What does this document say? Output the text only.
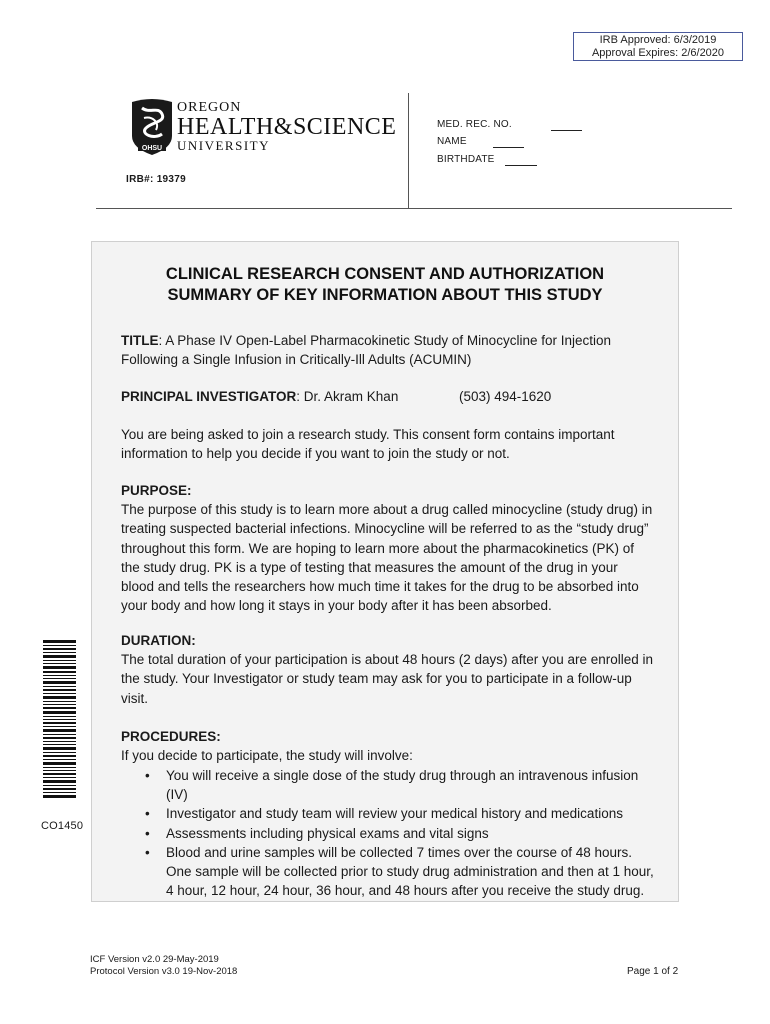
IRB Approved: 6/3/2019
Approval Expires: 2/6/2020
OHSU
OREGON
HEALTH&SCIENCE
UNIVERSITY
IRB#: 19379
MED. REC. NO.
NAME
BIRTHDATE
CLINICAL RESEARCH CONSENT AND AUTHORIZATION
SUMMARY OF KEY INFORMATION ABOUT THIS STUDY
TITLE: A Phase IV Open-Label Pharmacokinetic Study of Minocycline for Injection
Following a Single Infusion in Critically-Ill Adults (ACUMIN)
PRINCIPAL INVESTIGATOR: Dr. Akram Khan	(503) 494-1620
You are being asked to join a research study. This consent form contains important
information to help you decide if you want to join the study or not.
PURPOSE:
The purpose of this study is to learn more about a drug called minocycline (study drug) in
treating suspected bacterial infections. Minocycline will be referred to as the “study drug”
throughout this form. We are hoping to learn more about the pharmacokinetics (PK) of
the study drug. PK is a type of testing that measures the amount of the drug in your
blood and tells the researchers how much time it takes for the drug to be absorbed into
your body and how long it stays in your body after it has been absorbed.
DURATION:
The total duration of your participation is about 48 hours (2 days) after you are enrolled in
the study. Your Investigator or study team may ask for you to participate in a follow-up
visit.
PROCEDURES:
If you decide to participate, the study will involve:
• You will receive a single dose of the study drug through an intravenous infusion
(IV)
• Investigator and study team will review your medical history and medications
• Assessments including physical exams and vital signs
• Blood and urine samples will be collected 7 times over the course of 48 hours.
One sample will be collected prior to study drug administration and then at 1 hour,
4 hour, 12 hour, 24 hour, 36 hour, and 48 hours after you receive the study drug.
CO1450
ICF Version v2.0 29-May-2019
Protocol Version v3.0 19-Nov-2018	Page 1 of 2
